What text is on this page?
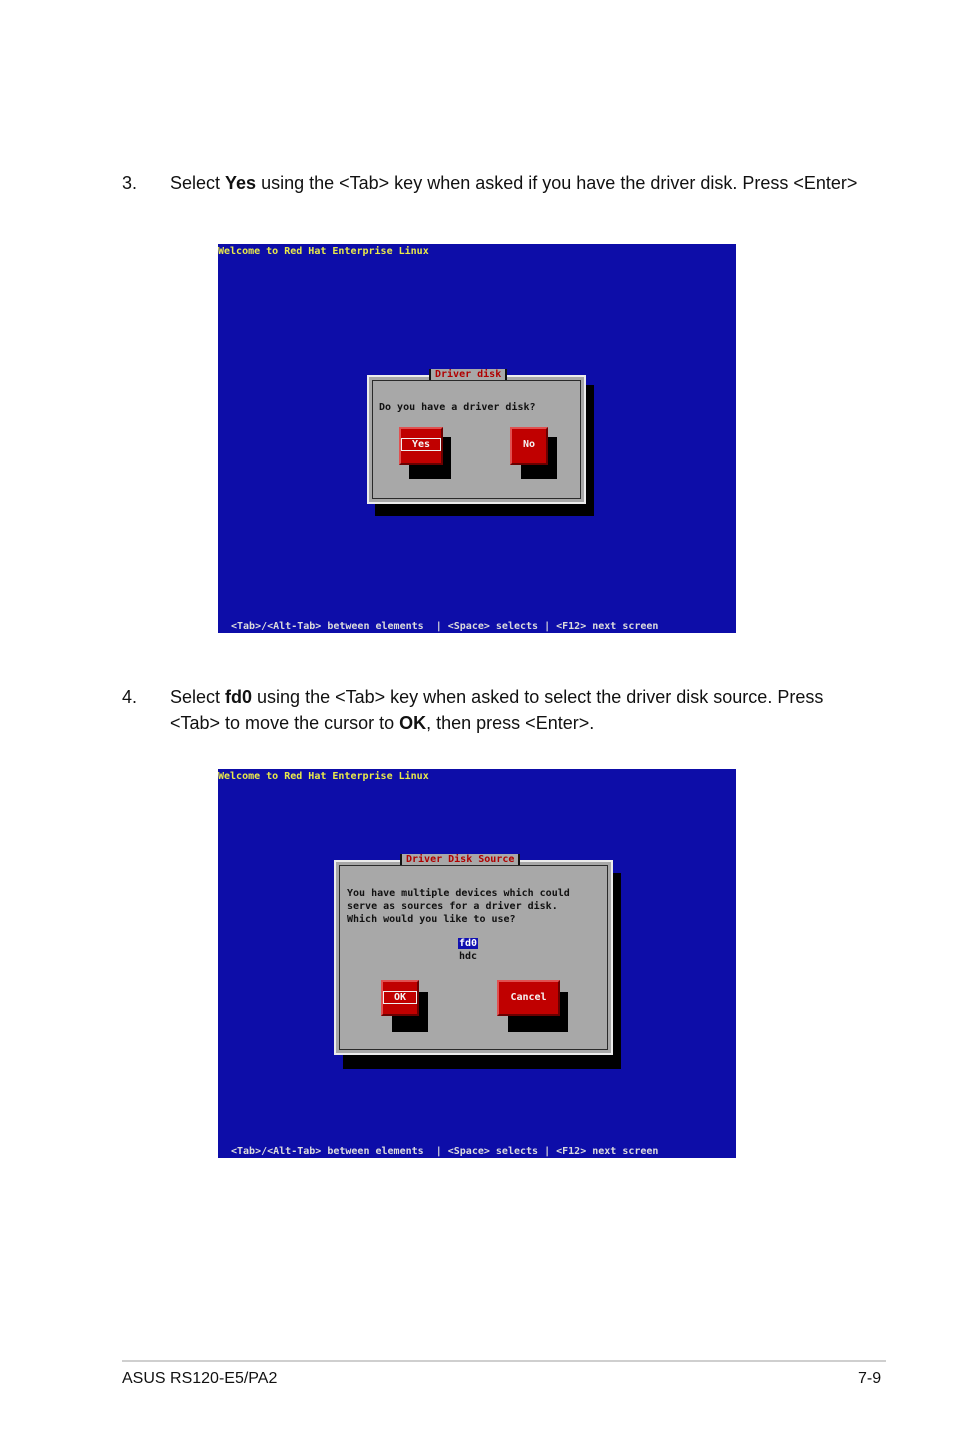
3. Select Yes using the <Tab> key when asked if you have the driver disk. Press <Enter>
Welcome to Red Hat Enterprise Linux
Driver disk
Do you have a driver disk?
Yes	No
<Tab>/<Alt-Tab> between elements  | <Space> selects | <F12> next screen
4. Select fd0 using the <Tab> key when asked to select the driver disk source. Press <Tab> to move the cursor to OK, then press <Enter>.
Welcome to Red Hat Enterprise Linux
Driver Disk Source
You have multiple devices which could
serve as sources for a driver disk.
Which would you like to use?
fd0
hdc
OK	Cancel
<Tab>/<Alt-Tab> between elements  | <Space> selects | <F12> next screen
ASUS RS120-E5/PA2	7-9
